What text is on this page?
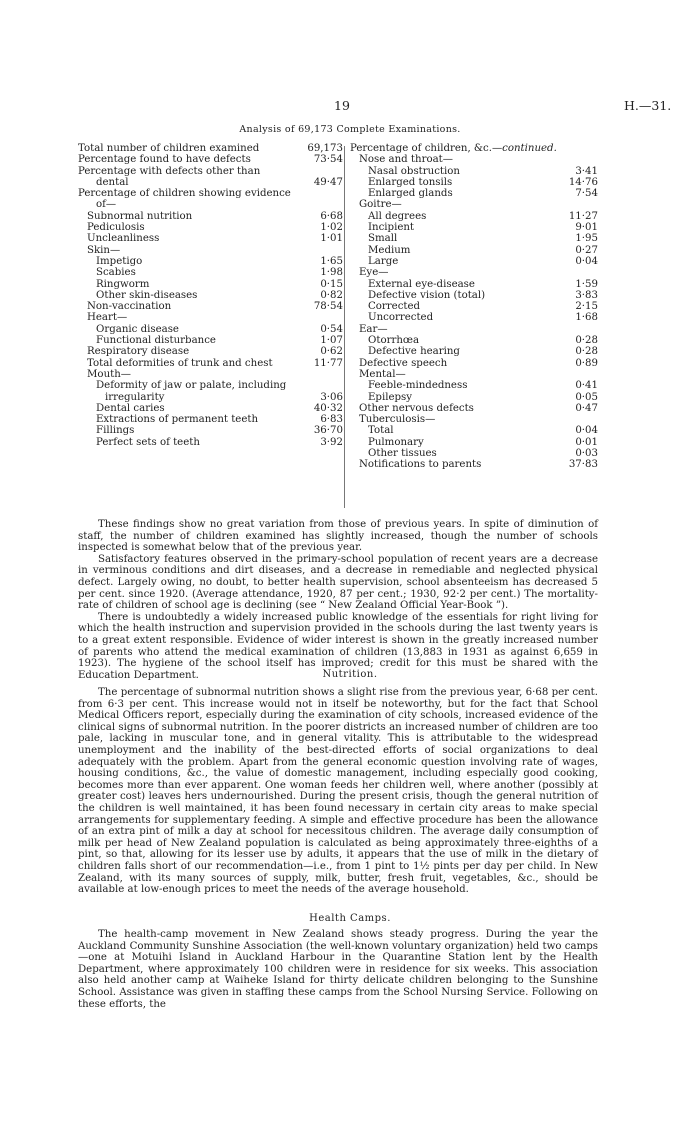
19	H.—31.
Analysis of 69,173 Complete Examinations.
Total number of children examined	69,173
Percentage found to have defects	73·54
Percentage with defects other than
dental	49·47
Percentage of children showing evidence
of—
Subnormal nutrition	6·68
Pediculosis	1·02
Uncleanliness	1·01
Skin—
Impetigo	1·65
Scabies	1·98
Ringworm	0·15
Other skin-diseases	0·82
Non-vaccination	78·54
Heart—
Organic disease	0·54
Functional disturbance	1·07
Respiratory disease	0·62
Total deformities of trunk and chest	11·77
Mouth—
Deformity of jaw or palate, including
irregularity	3·06
Dental caries	40·32
Extractions of permanent teeth	6·83
Fillings	36·70
Perfect sets of teeth	3·92
Percentage of children, &c.—continued.
Nose and throat—
Nasal obstruction	3·41
Enlarged tonsils	14·76
Enlarged glands	7·54
Goitre—
All degrees	11·27
Incipient	9·01
Small	1·95
Medium	0·27
Large	0·04
Eye—
External eye-disease	1·59
Defective vision (total)	3·83
Corrected	2·15
Uncorrected	1·68
Ear—
Otorrhœa	0·28
Defective hearing	0·28
Defective speech	0·89
Mental—
Feeble-mindedness	0·41
Epilepsy	0·05
Other nervous defects	0·47
Tuberculosis—
Total	0·04
Pulmonary	0·01
Other tissues	0·03
Notifications to parents	37·83

These findings show no great variation from those of previous years. In spite of diminution of staff, the number of children examined has slightly increased, though the number of schools inspected is somewhat below that of the previous year.

Satisfactory features observed in the primary-school population of recent years are a decrease in verminous conditions and dirt diseases, and a decrease in remediable and neglected physical defect. Largely owing, no doubt, to better health supervision, school absenteeism has decreased 5 per cent. since 1920. (Average attendance, 1920, 87 per cent.; 1930, 92·2 per cent.) The mortality-rate of children of school age is declining (see “ New Zealand Official Year-Book ”).

There is undoubtedly a widely increased public knowledge of the essentials for right living for which the health instruction and supervision provided in the schools during the last twenty years is to a great extent responsible. Evidence of wider interest is shown in the greatly increased number of parents who attend the medical examination of children (13,883 in 1931 as against 6,659 in 1923). The hygiene of the school itself has improved; credit for this must be shared with the Education Department.	Nutrition.

The percentage of subnormal nutrition shows a slight rise from the previous year, 6·68 per cent. from 6·3 per cent. This increase would not in itself be noteworthy, but for the fact that School Medical Officers report, especially during the examination of city schools, increased evidence of the clinical signs of subnormal nutrition. In the poorer districts an increased number of children are too pale, lacking in muscular tone, and in general vitality. This is attributable to the widespread unemployment and the inability of the best-directed efforts of social organizations to deal adequately with the problem. Apart from the general economic question involving rate of wages, housing conditions, &c., the value of domestic management, including especially good cooking, becomes more than ever apparent. One woman feeds her children well, where another (possibly at greater cost) leaves hers undernourished. During the present crisis, though the general nutrition of the children is well maintained, it has been found necessary in certain city areas to make special arrangements for supplementary feeding. A simple and effective procedure has been the allowance of an extra pint of milk a day at school for necessitous children. The average daily consumption of milk per head of New Zealand population is calculated as being approximately three-eighths of a pint, so that, allowing for its lesser use by adults, it appears that the use of milk in the dietary of children falls short of our recommendation—i.e., from 1 pint to 1½ pints per day per child. In New Zealand, with its many sources of supply, milk, butter, fresh fruit, vegetables, &c., should be available at low-enough prices to meet the needs of the average household.

Health Camps.

The health-camp movement in New Zealand shows steady progress. During the year the Auckland Community Sunshine Association (the well-known voluntary organization) held two camps—one at Motuihi Island in Auckland Harbour in the Quarantine Station lent by the Health Department, where approximately 100 children were in residence for six weeks. This association also held another camp at Waiheke Island for thirty delicate children belonging to the Sunshine School. Assistance was given in staffing these camps from the School Nursing Service. Following on these efforts, the
